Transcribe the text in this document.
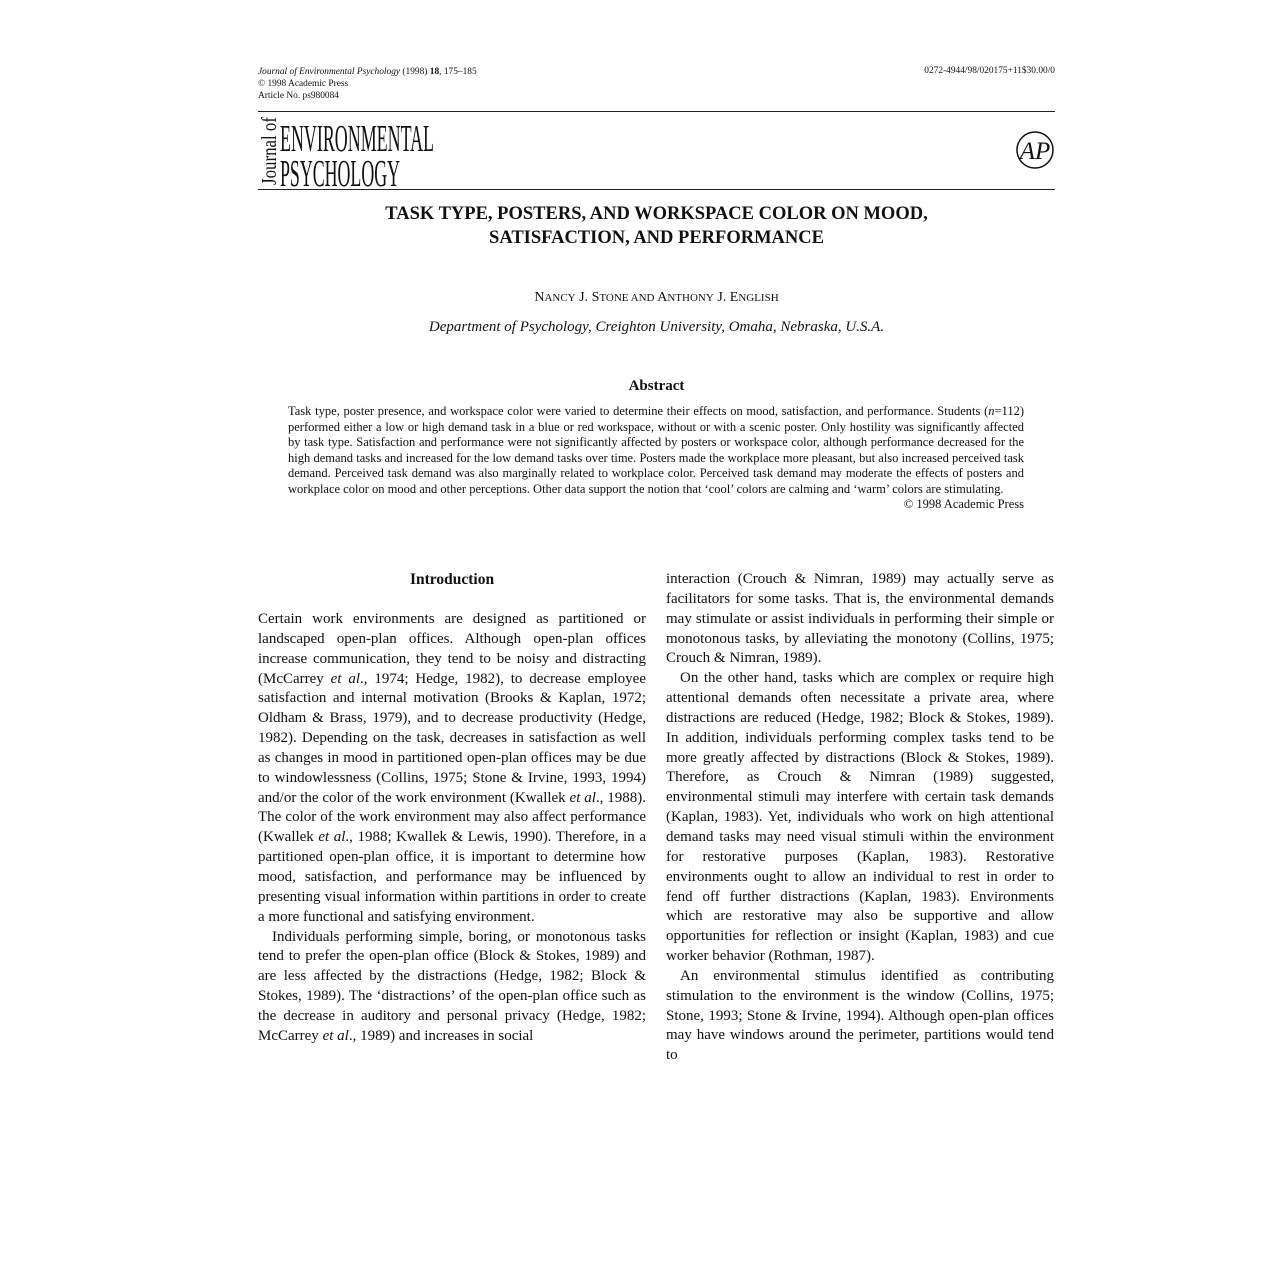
Journal of Environmental Psychology (1998) 18, 175–185
© 1998 Academic Press
Article No. ps980084
0272-4944/98/020175+11$30.00/0
Journal of ENVIRONMENTAL
PSYCHOLOGY
AP
TASK TYPE, POSTERS, AND WORKSPACE COLOR ON MOOD,
SATISFACTION, AND PERFORMANCE
NANCY J. STONE AND ANTHONY J. ENGLISH
Department of Psychology, Creighton University, Omaha, Nebraska, U.S.A.
Abstract
Task type, poster presence, and workspace color were varied to determine their effects on mood, satisfaction, and performance. Students (n=112) performed either a low or high demand task in a blue or red workspace, without or with a scenic poster. Only hostility was significantly affected by task type. Satisfaction and performance were not significantly affected by posters or workspace color, although performance decreased for the high demand tasks and increased for the low demand tasks over time. Posters made the workplace more pleasant, but also increased perceived task demand. Perceived task demand was also marginally related to workplace color. Perceived task demand may moderate the effects of posters and workplace color on mood and other perceptions. Other data support the notion that ‘cool’ colors are calming and ‘warm’ colors are stimulating.
© 1998 Academic Press
Introduction

Certain work environments are designed as partitioned or landscaped open-plan offices. Although open-plan offices increase communication, they tend to be noisy and distracting (McCarrey et al., 1974; Hedge, 1982), to decrease employee satisfaction and internal motivation (Brooks & Kaplan, 1972; Oldham & Brass, 1979), and to decrease productivity (Hedge, 1982). Depending on the task, decreases in satisfaction as well as changes in mood in partitioned open-plan offices may be due to windowlessness (Collins, 1975; Stone & Irvine, 1993, 1994) and/or the color of the work environment (Kwallek et al., 1988). The color of the work environment may also affect performance (Kwallek et al., 1988; Kwallek & Lewis, 1990). Therefore, in a partitioned open-plan office, it is important to determine how mood, satisfaction, and performance may be influenced by presenting visual information within partitions in order to create a more functional and satisfying environment.

Individuals performing simple, boring, or monotonous tasks tend to prefer the open-plan office (Block & Stokes, 1989) and are less affected by the distractions (Hedge, 1982; Block & Stokes, 1989). The ‘distractions’ of the open-plan office such as the decrease in auditory and personal privacy (Hedge, 1982; McCarrey et al., 1989) and increases in social

interaction (Crouch & Nimran, 1989) may actually serve as facilitators for some tasks. That is, the environmental demands may stimulate or assist individuals in performing their simple or monotonous tasks, by alleviating the monotony (Collins, 1975; Crouch & Nimran, 1989).

On the other hand, tasks which are complex or require high attentional demands often necessitate a private area, where distractions are reduced (Hedge, 1982; Block & Stokes, 1989). In addition, individuals performing complex tasks tend to be more greatly affected by distractions (Block & Stokes, 1989). Therefore, as Crouch & Nimran (1989) suggested, environmental stimuli may interfere with certain task demands (Kaplan, 1983). Yet, individuals who work on high attentional demand tasks may need visual stimuli within the environment for restorative purposes (Kaplan, 1983). Restorative environments ought to allow an individual to rest in order to fend off further distractions (Kaplan, 1983). Environments which are restorative may also be supportive and allow opportunities for reflection or insight (Kaplan, 1983) and cue worker behavior (Rothman, 1987).

An environmental stimulus identified as contributing stimulation to the environment is the window (Collins, 1975; Stone, 1993; Stone & Irvine, 1994). Although open-plan offices may have windows around the perimeter, partitions would tend to
